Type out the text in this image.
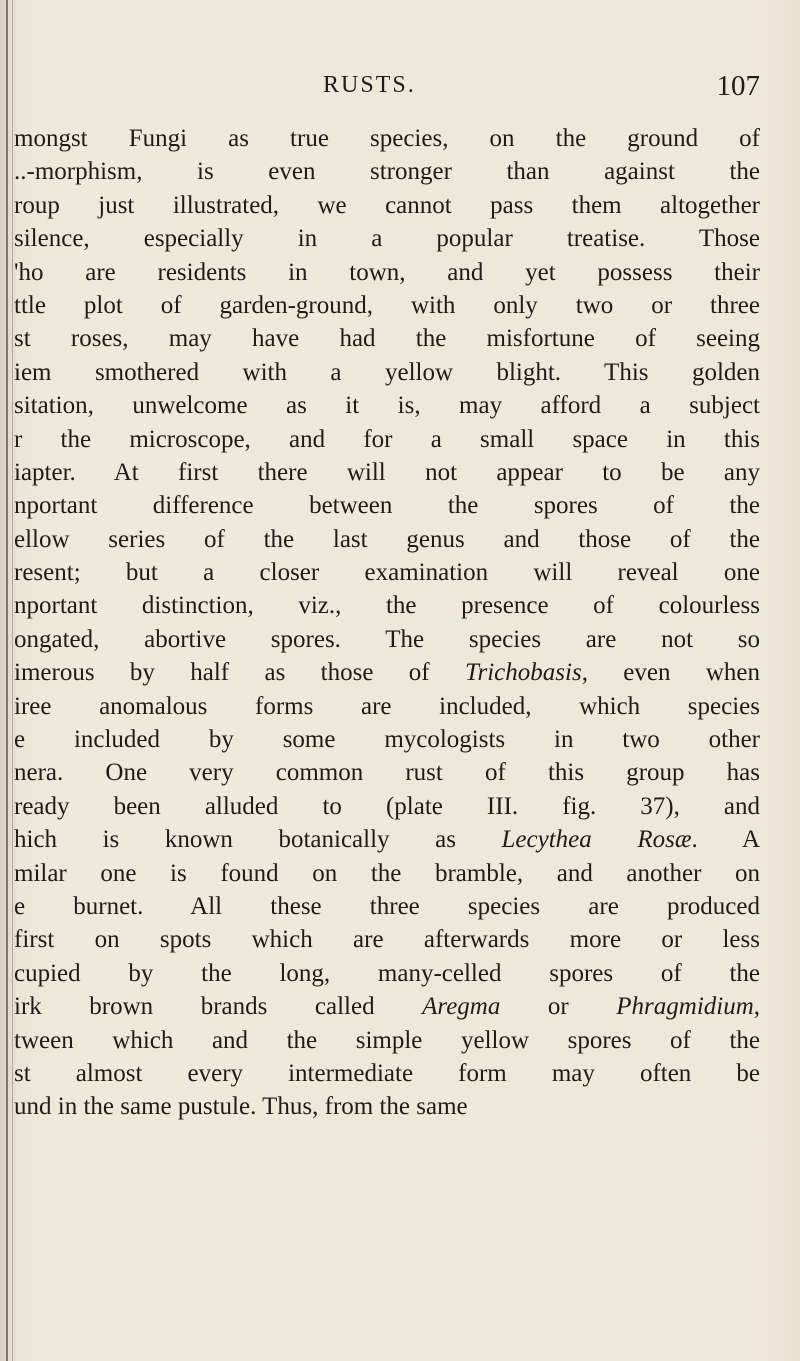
RUSTS.	107
mongst Fungi as true species, on the ground of
..-morphism, is even stronger than against the
roup just illustrated, we cannot pass them altogether
silence, especially in a popular treatise. Those
'ho are residents in town, and yet possess their
ttle plot of garden-ground, with only two or three
st roses, may have had the misfortune of seeing
iem smothered with a yellow blight. This golden
sitation, unwelcome as it is, may afford a subject
r the microscope, and for a small space in this
iapter. At first there will not appear to be any
nportant difference between the spores of the
ellow series of the last genus and those of the
resent; but a closer examination will reveal one
nportant distinction, viz., the presence of colourless
ongated, abortive spores. The species are not so
imerous by half as those of Trichobasis, even when
iree anomalous forms are included, which species
e included by some mycologists in two other
nera. One very common rust of this group has
ready been alluded to (plate III. fig. 37), and
hich is known botanically as Lecythea Rosæ. A
milar one is found on the bramble, and another on
e burnet. All these three species are produced
first on spots which are afterwards more or less
cupied by the long, many-celled spores of the
irk brown brands called Aregma or Phragmidium,
tween which and the simple yellow spores of the
st almost every intermediate form may often be
und in the same pustule. Thus, from the same
